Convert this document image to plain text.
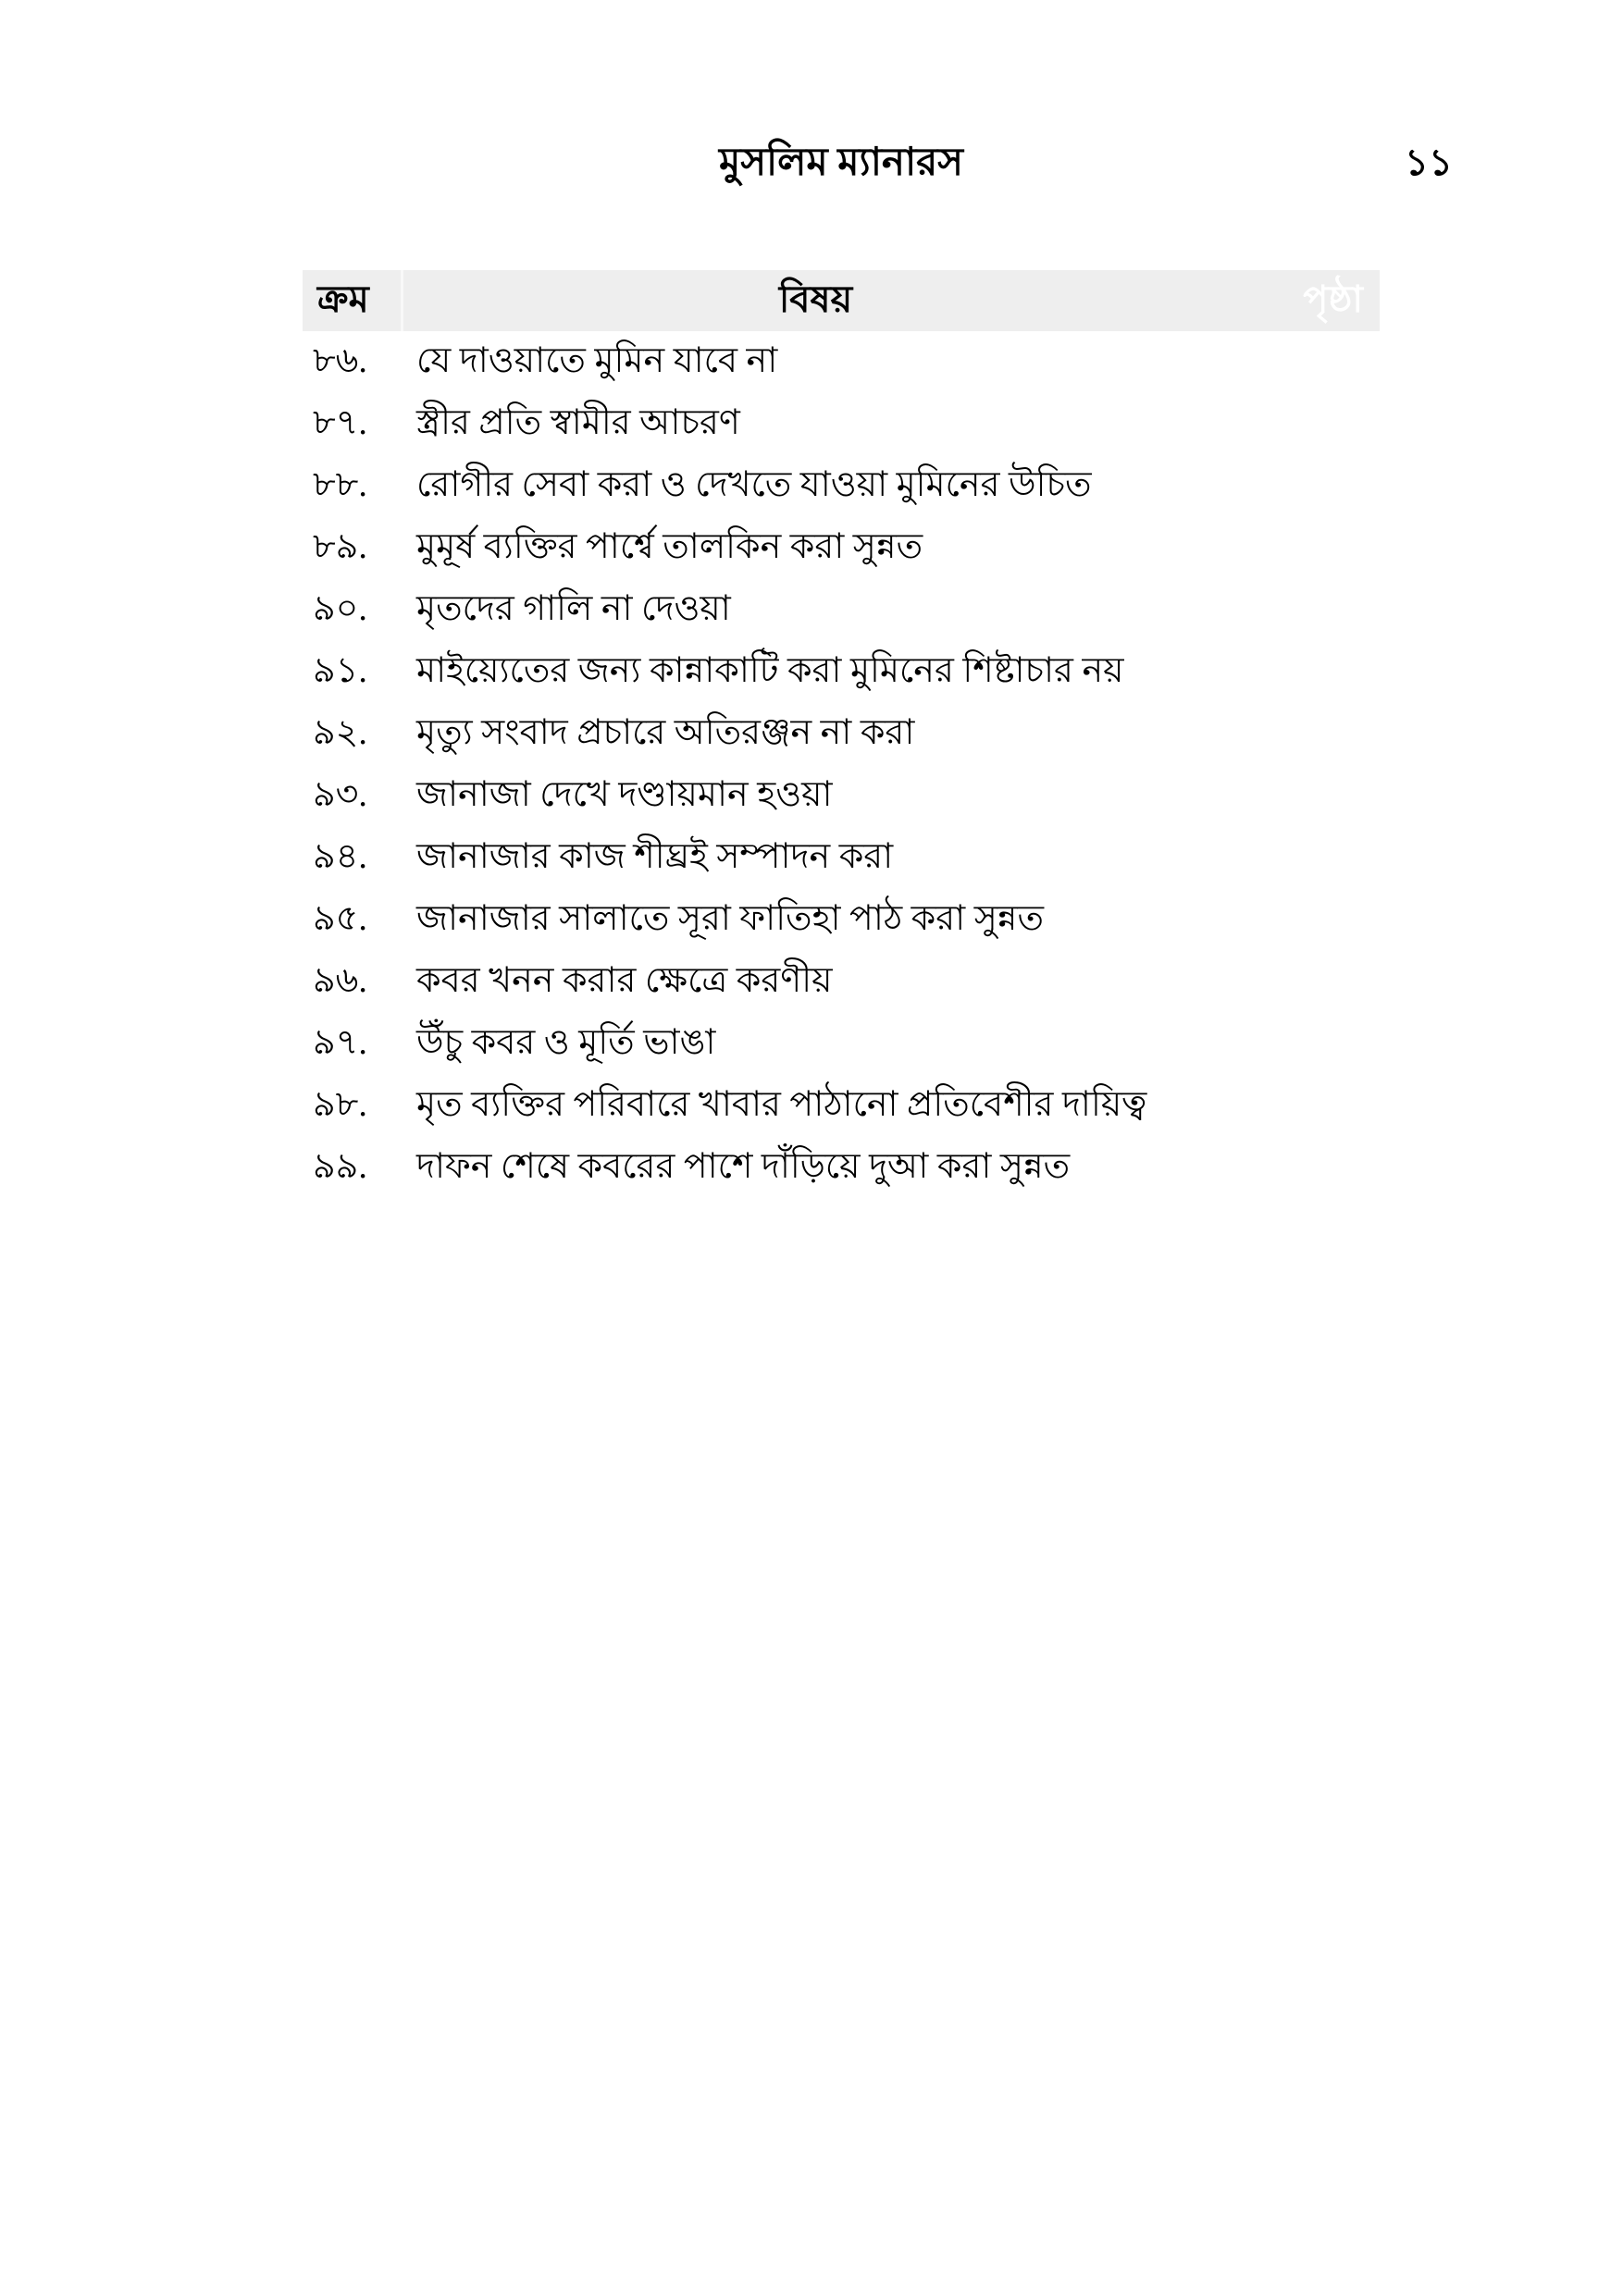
মুসলিম ম্যানারস	১১
ক্রম	বিষয়	পৃষ্ঠা
৮৬.	যে দাওয়াতে মুমিন যাবে না
৮৭.	স্ত্রীর প্রতি স্বামীর আচরণ
৮৮.	রোগীর সেবা করা ও দেখতে যাওয়া মুমিনের উচিত
৮৯.	মুমূর্ষ ব্যক্তির পার্শ্বে তালকিন করা সুন্নত
৯০.	মৃতদের গালি না দেওয়া
৯১.	মাইয়্যেতের জন্য কান্নাকাটি করা মুমিনের শিষ্টাচার নয়
৯২.	মৃত্যু সংবাদ প্রচারে অতিরঞ্জন না করা
৯৩.	জানাজা দেখে দণ্ডায়মান হওয়া
৯৪.	জানাজার কাজ শীঘ্রই সম্পাদন করা
৯৫.	জানাজার সালাতে সূরা ফাতিহা পাঠ করা সুন্নত
৯৬.	কবর খনন করার ক্ষেত্রে করণীয়
৯৭.	উঁচু কবর ও মূর্তি ভাঙা
৯৮.	মৃত ব্যক্তির পরিবারে খাবার পাঠানো প্রতিবেশীর দায়িত্ব
৯৯.	দাফন শেষে কবরের পাশে দাঁড়িয়ে দুআ করা সুন্নত
